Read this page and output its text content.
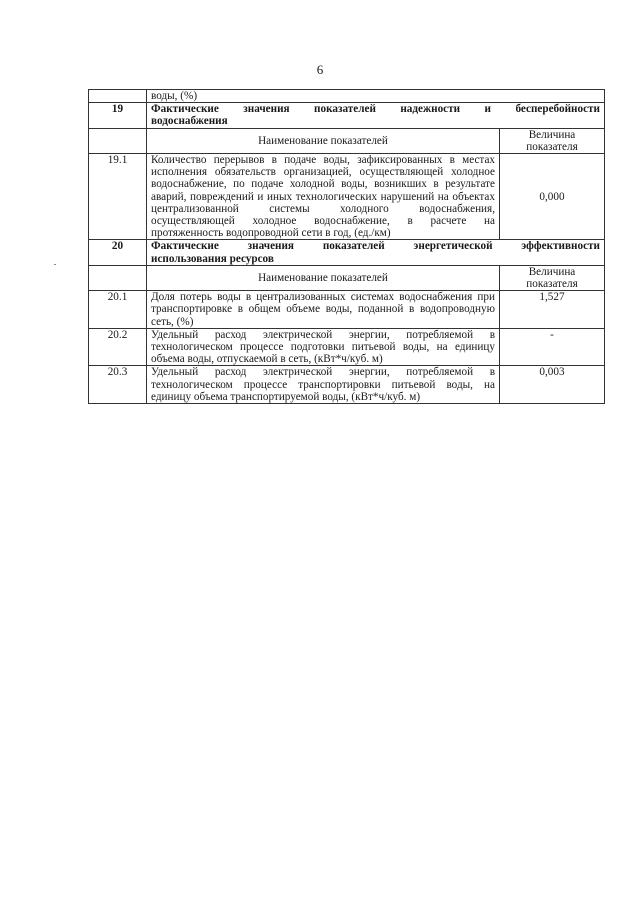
6
	воды, (%)	
19	Фактические значения показателей надежности и бесперебойности
водоснабжения	
	Наименование показателей	Величина показателя
19.1	Количество перерывов в подаче воды, зафиксированных в местах исполнения обязательств организацией, осуществляющей холодное водоснабжение, по подаче холодной воды, возникших в результате аварий, повреждений и иных технологических нарушений на объектах централизованной системы холодного водоснабжения, осуществляющей холодное водоснабжение, в расчете на протяженность водопроводной сети в год, (ед./км)	0,000
20	Фактические значения показателей энергетической эффективности
использования ресурсов	
	Наименование показателей	Величина показателя
20.1	Доля потерь воды в централизованных системах водоснабжения при транспортировке в общем объеме воды, поданной в водопроводную сеть, (%)	1,527
20.2	Удельный расход электрической энергии, потребляемой в технологическом процессе подготовки питьевой воды, на единицу объема воды, отпускаемой в сеть, (кВт*ч/куб. м)	-
20.3	Удельный расход электрической энергии, потребляемой в технологическом процессе транспортировки питьевой воды, на единицу объема транспортируемой воды, (кВт*ч/куб. м)	0,003
